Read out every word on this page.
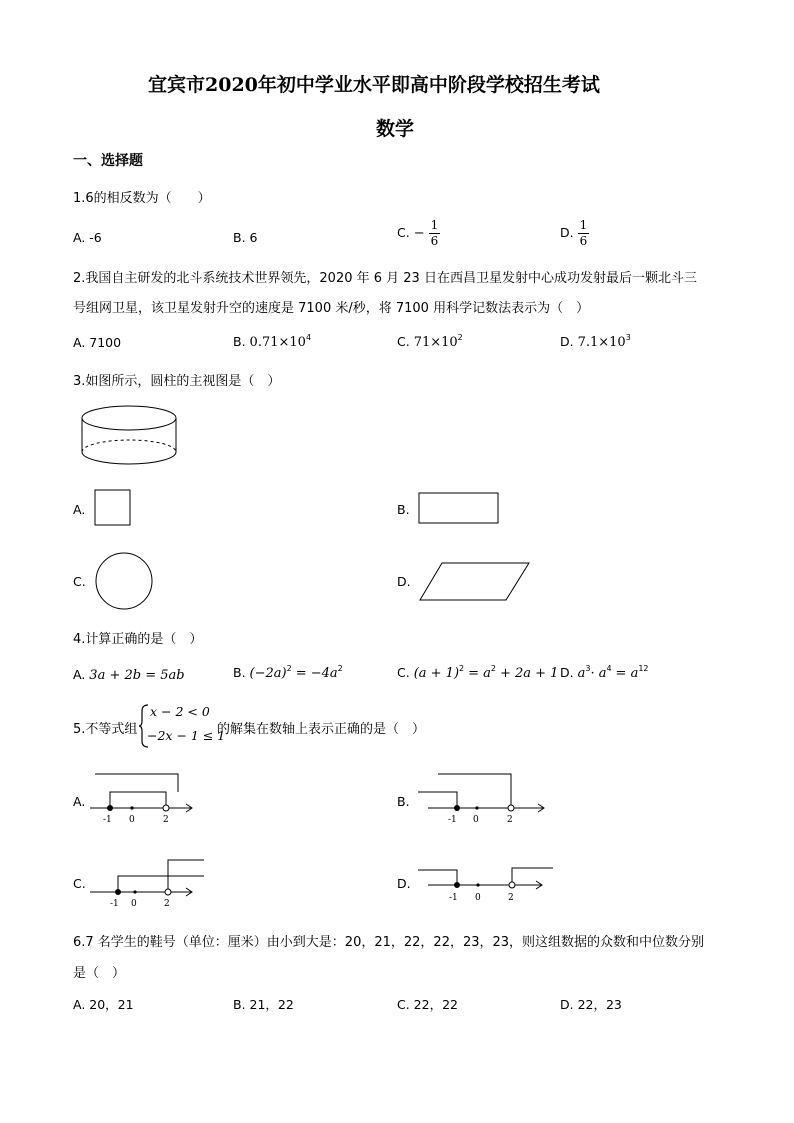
宜宾市2020年初中学业水平即高中阶段学校招生考试
数学
一、选择题
1.6的相反数为（　　）
A. -6	B. 6	C. − $\frac{1}{6}$	D. $\frac{1}{6}$
2.我国自主研发的北斗系统技术世界领先，2020 年 6 月 23 日在西昌卫星发射中心成功发射最后一颗北斗三
号组网卫星，该卫星发射升空的速度是 7100 米/秒，将 7100 用科学记数法表示为（　）
A. 7100	B. $0.71\times 10^4$	C. $71\times 10^2$	D. $7.1\times 10^3$
3.如图所示，圆柱的主视图是（　）
A.	B.
C.	D.
4.计算正确的是（　）
A. 3a + 2b = 5ab	B. $(-2a)^2 = -4a^2$	C. $(a + 1)^2 = a^2 + 2a + 1$ D. $a^3\cdot a^4 = a^{12}$
5.不等式组
x − 2 < 0
−2x − 1 ≤ 1
的解集在数轴上表示正确的是（　）
A.
-1 0	2
B.
-1 0	2
C.
-1 0	2
D.
-1 0	2
6.7 名学生的鞋号（单位：厘米）由小到大是：20，21，22，22，23，23，则这组数据的众数和中位数分别
是（　）
A. 20，21	B. 21，22	C. 22，22	D. 22，23
